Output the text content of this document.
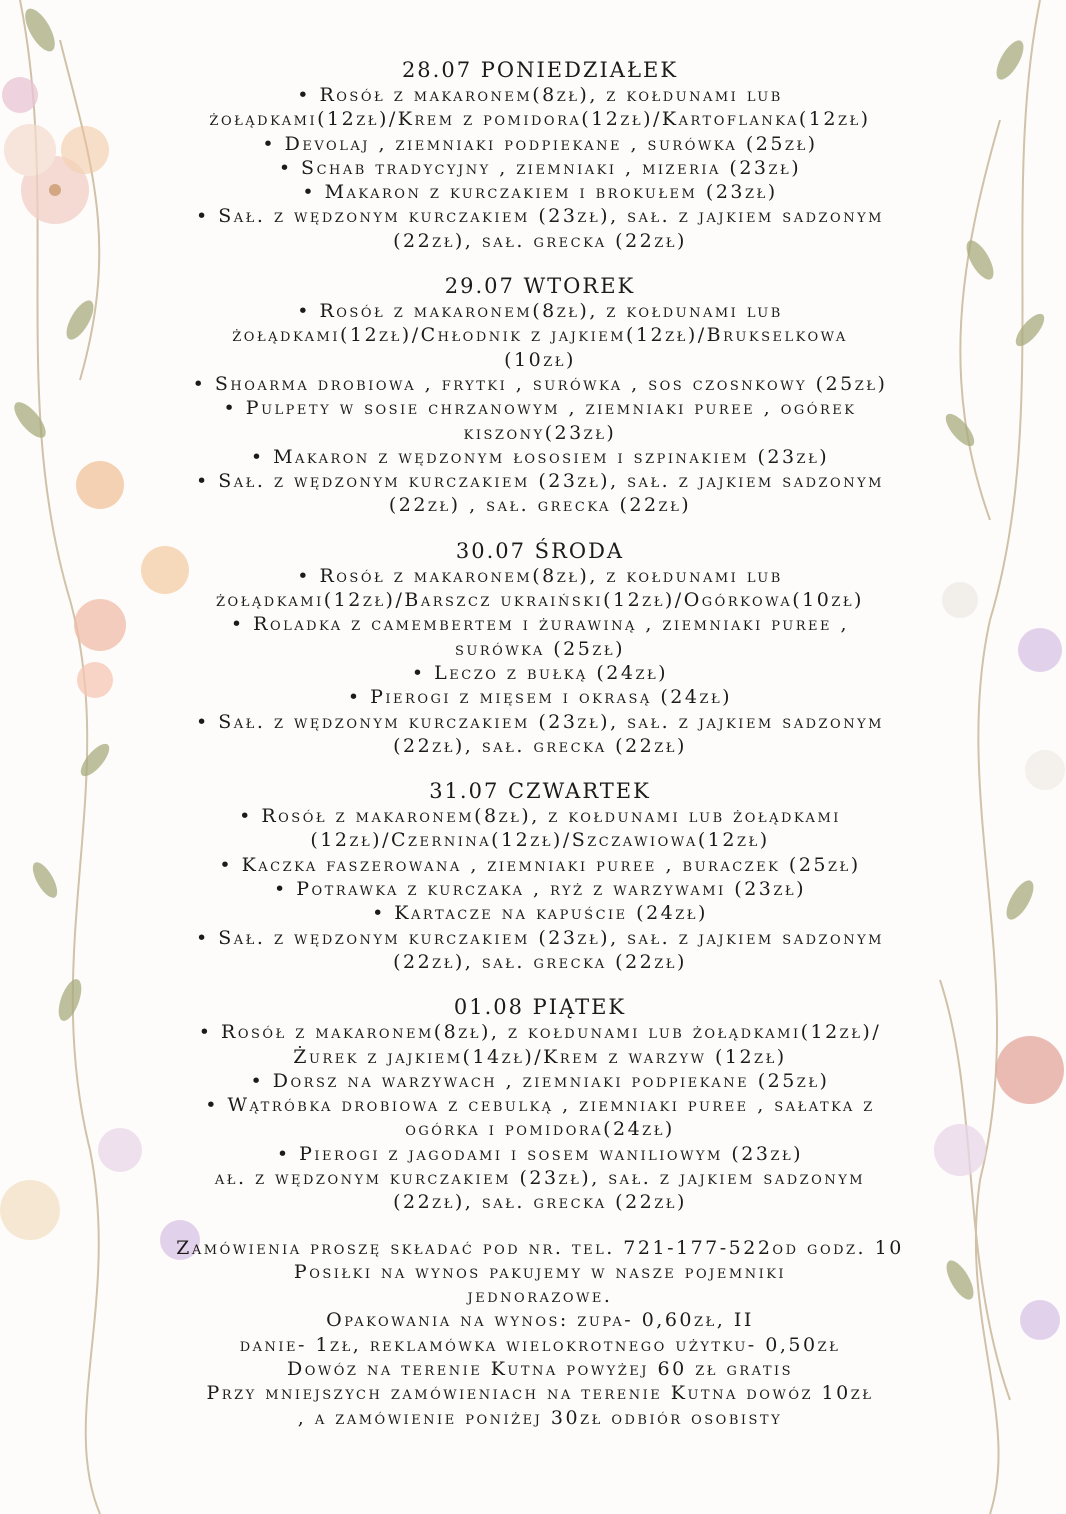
28.07 PONIEDZIAŁEK
• Rosół z makaronem(8zł), z kołdunami lub
żołądkami(12zł)/Krem z pomidora(12zł)/Kartoflanka(12zł)
• Devolaj , ziemniaki podpiekane , surówka (25zł)
• Schab tradycyjny , ziemniaki , mizeria (23zł)
• Makaron z kurczakiem i brokułem (23zł)
• Sał. z wędzonym kurczakiem (23zł), sał. z jajkiem sadzonym
(22zł), sał. grecka (22zł)
29.07 WTOREK
• Rosół z makaronem(8zł), z kołdunami lub
żołądkami(12zł)/Chłodnik z jajkiem(12zł)/Brukselkowa
(10zł)
• Shoarma drobiowa , frytki , surówka , sos czosnkowy (25zł)
• Pulpety w sosie chrzanowym , ziemniaki puree , ogórek
kiszony(23zł)
• Makaron z wędzonym łososiem i szpinakiem (23zł)
• Sał. z wędzonym kurczakiem (23zł), sał. z jajkiem sadzonym
(22zł) , sał. grecka (22zł)
30.07 ŚRODA
• Rosół z makaronem(8zł), z kołdunami lub
żołądkami(12zł)/Barszcz ukraiński(12zł)/Ogórkowa(10zł)
• Roladka z camembertem i żurawiną , ziemniaki puree ,
surówka (25zł)
• Leczo z bułką (24zł)
• Pierogi z mięsem i okrasą (24zł)
• Sał. z wędzonym kurczakiem (23zł), sał. z jajkiem sadzonym
(22zł), sał. grecka (22zł)
31.07 CZWARTEK
• Rosół z makaronem(8zł), z kołdunami lub żołądkami
(12zł)/Czernina(12zł)/Szczawiowa(12zł)
• Kaczka faszerowana , ziemniaki puree , buraczek (25zł)
• Potrawka z kurczaka , ryż z warzywami (23zł)
• Kartacze na kapuście (24zł)
• Sał. z wędzonym kurczakiem (23zł), sał. z jajkiem sadzonym
(22zł), sał. grecka (22zł)
01.08 PIĄTEK
• Rosół z makaronem(8zł), z kołdunami lub żołądkami(12zł)/
Żurek z jajkiem(14zł)/Krem z warzyw (12zł)
• Dorsz na warzywach , ziemniaki podpiekane (25zł)
• Wątróbka drobiowa z cebulką , ziemniaki puree , sałatka z
ogórka i pomidora(24zł)
• Pierogi z jagodami i sosem waniliowym (23zł)
ał. z wędzonym kurczakiem (23zł), sał. z jajkiem sadzonym
(22zł), sał. grecka (22zł)
Zamówienia proszę składać pod nr. tel. 721-177-522od godz. 10
Posiłki na wynos pakujemy w nasze pojemniki
jednorazowe.
Opakowania na wynos: zupa- 0,60zł, II
danie- 1zł, reklamówka wielokrotnego użytku- 0,50zł
Dowóz na terenie Kutna powyżej 60 zł gratis
Przy mniejszych zamówieniach na terenie Kutna dowóz 10zł
, a zamówienie poniżej 30zł odbiór osobisty
